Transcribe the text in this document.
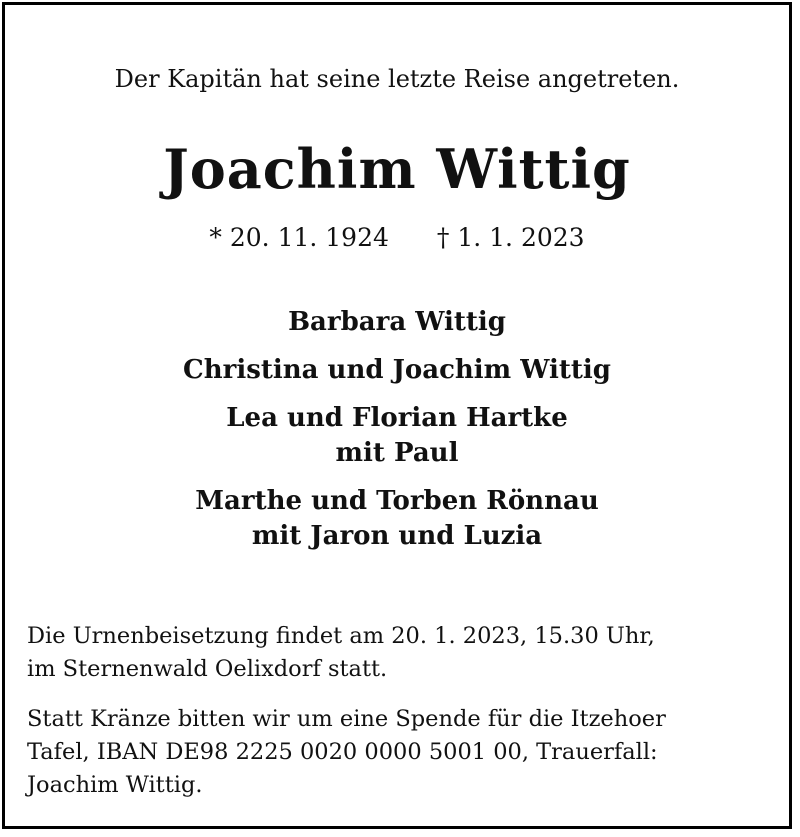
Der Kapitän hat seine letzte Reise angetreten.
Joachim Wittig
* 20. 11. 1924 † 1. 1. 2023
Barbara Wittig
Christina und Joachim Wittig
Lea und Florian Hartke
mit Paul
Marthe und Torben Rönnau
mit Jaron und Luzia
Die Urnenbeisetzung findet am 20. 1. 2023, 15.30 Uhr,
im Sternenwald Oelixdorf statt.
Statt Kränze bitten wir um eine Spende für die Itzehoer
Tafel, IBAN DE98 2225 0020 0000 5001 00, Trauerfall:
Joachim Wittig.
